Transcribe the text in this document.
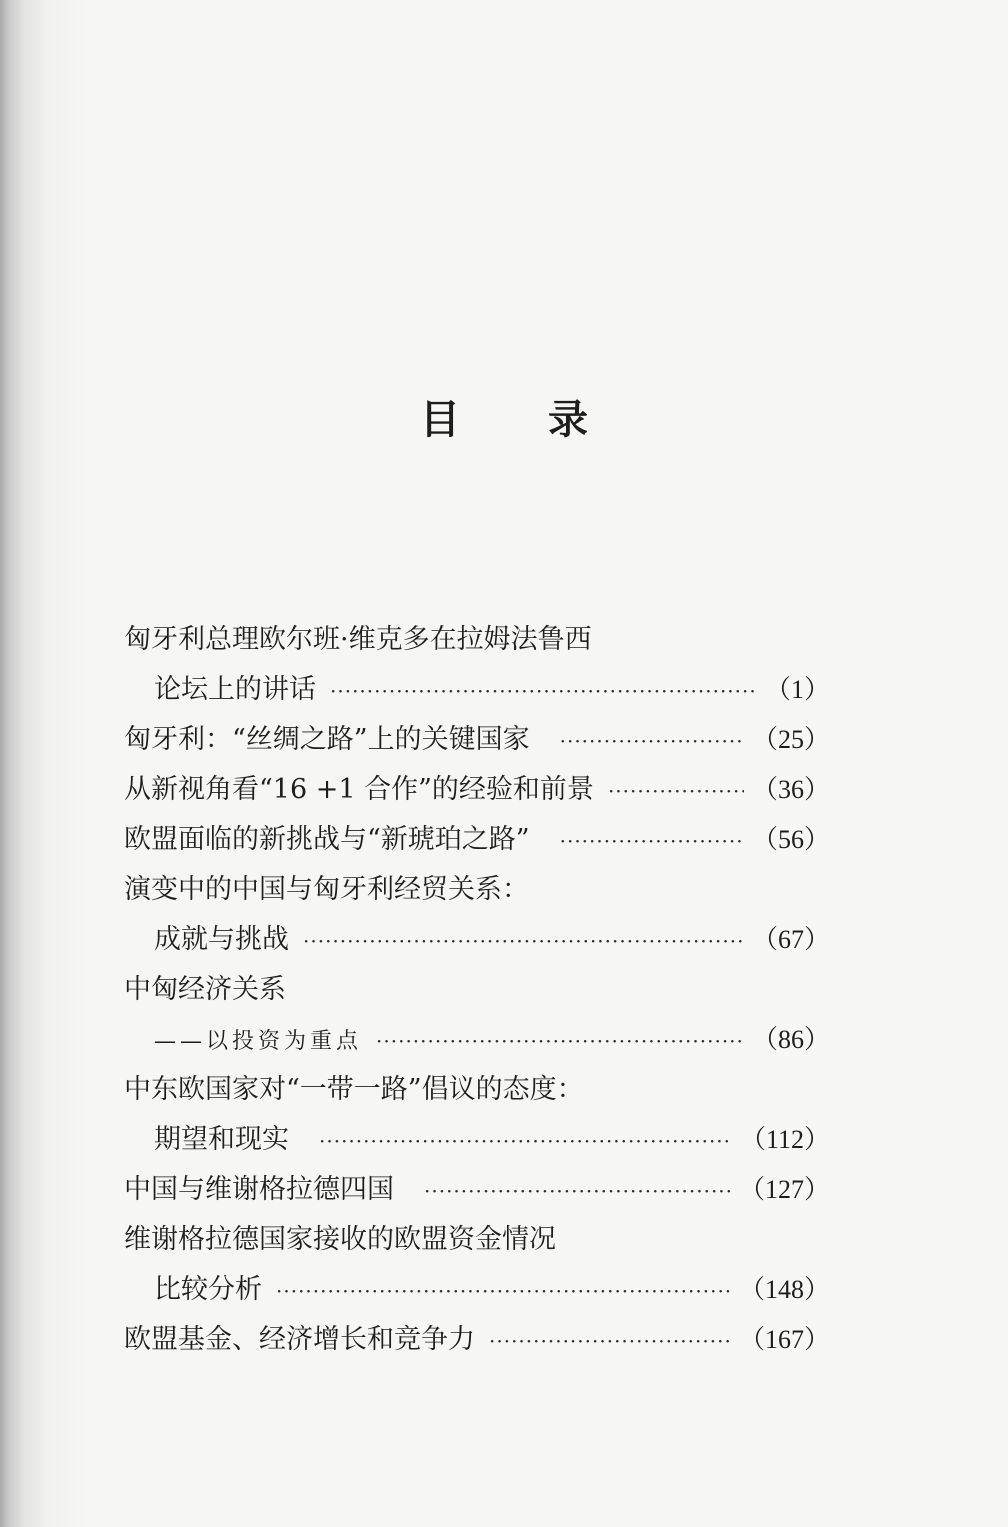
目 录
匈牙利总理欧尔班·维克多在拉姆法鲁西
论坛上的讲话 ·····	（1）
匈牙利：“丝绸之路”上的关键国家 ·····	（25）
从新视角看“16 +1 合作”的经验和前景 ·····	（36）
欧盟面临的新挑战与“新琥珀之路” ·····	（56）
演变中的中国与匈牙利经贸关系：
成就与挑战 ·····	（67）
中匈经济关系
——以投资为重点 ·····	（86）
中东欧国家对“一带一路”倡议的态度：
期望和现实 ·····	（112）
中国与维谢格拉德四国 ·····	（127）
维谢格拉德国家接收的欧盟资金情况
比较分析 ·····	（148）
欧盟基金、经济增长和竞争力 ·····	（167）
